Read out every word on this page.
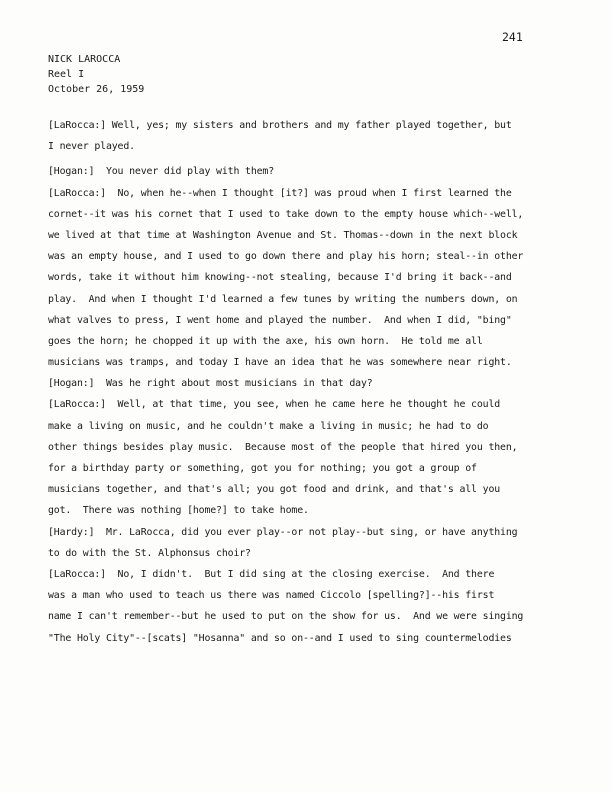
241
NICK LAROCCA
Reel I
October 26, 1959
[LaRocca:] Well, yes; my sisters and brothers and my father played together, but
I never played.
[Hogan:]  You never did play with them?
[LaRocca:]  No, when he--when I thought [it?] was proud when I first learned the
cornet--it was his cornet that I used to take down to the empty house which--well,
we lived at that time at Washington Avenue and St. Thomas--down in the next block
was an empty house, and I used to go down there and play his horn; steal--in other
words, take it without him knowing--not stealing, because I'd bring it back--and
play.  And when I thought I'd learned a few tunes by writing the numbers down, on
what valves to press, I went home and played the number.  And when I did, "bing"
goes the horn; he chopped it up with the axe, his own horn.  He told me all
musicians was tramps, and today I have an idea that he was somewhere near right.
[Hogan:]  Was he right about most musicians in that day?
[LaRocca:]  Well, at that time, you see, when he came here he thought he could
make a living on music, and he couldn't make a living in music; he had to do
other things besides play music.  Because most of the people that hired you then,
for a birthday party or something, got you for nothing; you got a group of
musicians together, and that's all; you got food and drink, and that's all you
got.  There was nothing [home?] to take home.
[Hardy:]  Mr. LaRocca, did you ever play--or not play--but sing, or have anything
to do with the St. Alphonsus choir?
[LaRocca:]  No, I didn't.  But I did sing at the closing exercise.  And there
was a man who used to teach us there was named Ciccolo [spelling?]--his first
name I can't remember--but he used to put on the show for us.  And we were singing
"The Holy City"--[scats] "Hosanna" and so on--and I used to sing countermelodies
